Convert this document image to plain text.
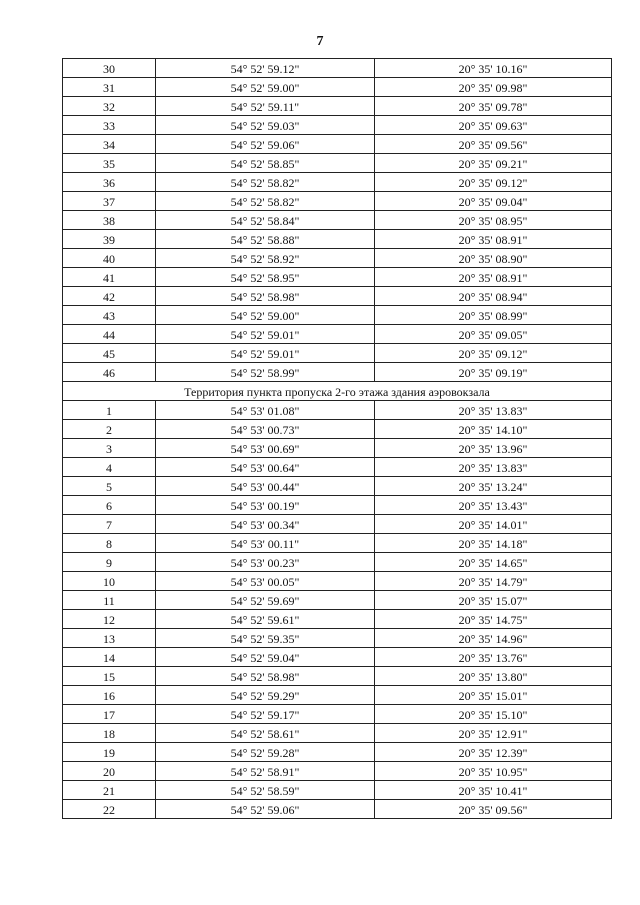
7
30	54° 52' 59.12"	20° 35' 10.16"
31	54° 52' 59.00"	20° 35' 09.98"
32	54° 52' 59.11"	20° 35' 09.78"
33	54° 52' 59.03"	20° 35' 09.63"
34	54° 52' 59.06"	20° 35' 09.56"
35	54° 52' 58.85"	20° 35' 09.21"
36	54° 52' 58.82"	20° 35' 09.12"
37	54° 52' 58.82"	20° 35' 09.04"
38	54° 52' 58.84"	20° 35' 08.95"
39	54° 52' 58.88"	20° 35' 08.91"
40	54° 52' 58.92"	20° 35' 08.90"
41	54° 52' 58.95"	20° 35' 08.91"
42	54° 52' 58.98"	20° 35' 08.94"
43	54° 52' 59.00"	20° 35' 08.99"
44	54° 52' 59.01"	20° 35' 09.05"
45	54° 52' 59.01"	20° 35' 09.12"
46	54° 52' 58.99"	20° 35' 09.19"
Территория пункта пропуска 2-го этажа здания аэровокзала		
1	54° 53' 01.08"	20° 35' 13.83"
2	54° 53' 00.73"	20° 35' 14.10"
3	54° 53' 00.69"	20° 35' 13.96"
4	54° 53' 00.64"	20° 35' 13.83"
5	54° 53' 00.44"	20° 35' 13.24"
6	54° 53' 00.19"	20° 35' 13.43"
7	54° 53' 00.34"	20° 35' 14.01"
8	54° 53' 00.11"	20° 35' 14.18"
9	54° 53' 00.23"	20° 35' 14.65"
10	54° 53' 00.05"	20° 35' 14.79"
11	54° 52' 59.69"	20° 35' 15.07"
12	54° 52' 59.61"	20° 35' 14.75"
13	54° 52' 59.35"	20° 35' 14.96"
14	54° 52' 59.04"	20° 35' 13.76"
15	54° 52' 58.98"	20° 35' 13.80"
16	54° 52' 59.29"	20° 35' 15.01"
17	54° 52' 59.17"	20° 35' 15.10"
18	54° 52' 58.61"	20° 35' 12.91"
19	54° 52' 59.28"	20° 35' 12.39"
20	54° 52' 58.91"	20° 35' 10.95"
21	54° 52' 58.59"	20° 35' 10.41"
22	54° 52' 59.06"	20° 35' 09.56"
